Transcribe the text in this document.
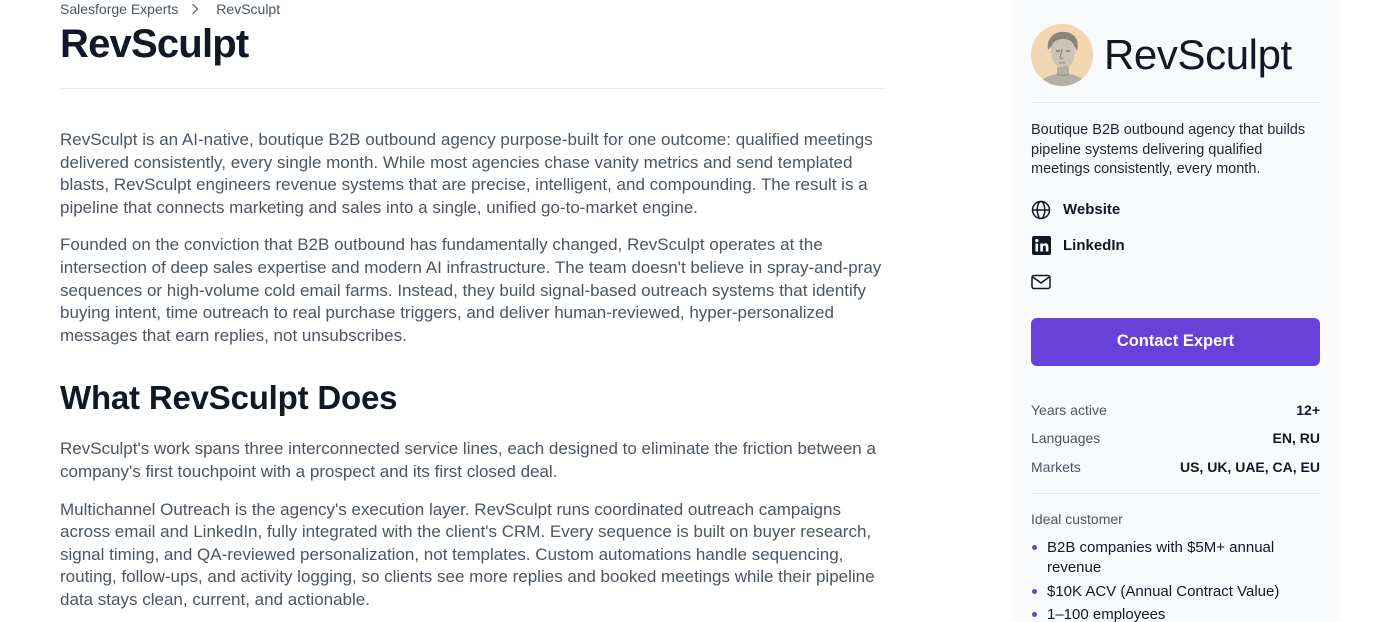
Salesforge Experts	RevSculpt
RevSculpt

RevSculpt is an AI-native, boutique B2B outbound agency purpose-built for one outcome: qualified meetings delivered consistently, every single month. While most agencies chase vanity metrics and send templated blasts, RevSculpt engineers revenue systems that are precise, intelligent, and compounding. The result is a pipeline that connects marketing and sales into a single, unified go-to-market engine.

Founded on the conviction that B2B outbound has fundamentally changed, RevSculpt operates at the intersection of deep sales expertise and modern AI infrastructure. The team doesn't believe in spray-and-pray sequences or high-volume cold email farms. Instead, they build signal-based outreach systems that identify buying intent, time outreach to real purchase triggers, and deliver human-reviewed, hyper-personalized messages that earn replies, not unsubscribes.

What RevSculpt Does

RevSculpt's work spans three interconnected service lines, each designed to eliminate the friction between a company's first touchpoint with a prospect and its first closed deal.

Multichannel Outreach is the agency's execution layer. RevSculpt runs coordinated outreach campaigns across email and LinkedIn, fully integrated with the client's CRM. Every sequence is built on buyer research, signal timing, and QA-reviewed personalization, not templates. Custom automations handle sequencing, routing, follow-ups, and activity logging, so clients see more replies and booked meetings while their pipeline data stays clean, current, and actionable.

RevSculpt

Boutique B2B outbound agency that builds pipeline systems delivering qualified meetings consistently, every month.

Website
LinkedIn
Contact Expert
Years active	12+
Languages	EN, RU
Markets	US, UK, UAE, CA, EU
Ideal customer
B2B companies with $5M+ annual revenue
$10K ACV (Annual Contract Value)
1–100 employees
